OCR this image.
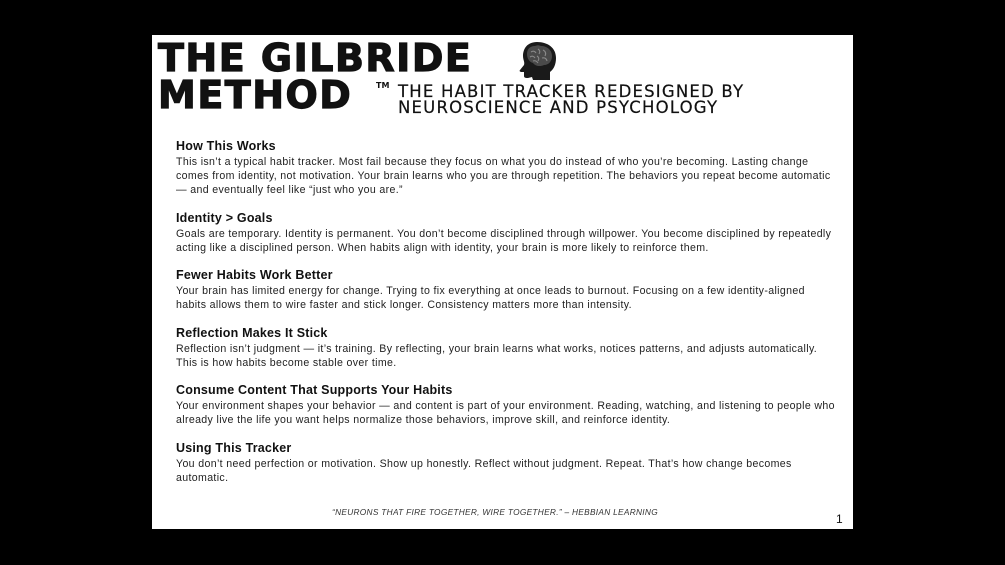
THE GILBRIDE
METHOD	TM THE HABIT TRACKER REDESIGNED BY
NEUROSCIENCE AND PSYCHOLOGY
How This Works

This isn’t a typical habit tracker. Most fail because they focus on what you do instead of who you’re becoming. Lasting change comes from identity, not motivation. Your brain learns who you are through repetition. The behaviors you repeat become automatic — and eventually feel like “just who you are.”

Identity > Goals

Goals are temporary. Identity is permanent. You don’t become disciplined through willpower. You become disciplined by repeatedly acting like a disciplined person. When habits align with identity, your brain is more likely to reinforce them.

Fewer Habits Work Better

Your brain has limited energy for change. Trying to fix everything at once leads to burnout. Focusing on a few identity-aligned habits allows them to wire faster and stick longer. Consistency matters more than intensity.

Reflection Makes It Stick

Reflection isn’t judgment — it’s training. By reflecting, your brain learns what works, notices patterns, and adjusts automatically. This is how habits become stable over time.

Consume Content That Supports Your Habits

Your environment shapes your behavior — and content is part of your environment. Reading, watching, and listening to people who already live the life you want helps normalize those behaviors, improve skill, and reinforce identity.

Using This Tracker

You don’t need perfection or motivation. Show up honestly. Reflect without judgment. Repeat. That’s how change becomes automatic.

“NEURONS THAT FIRE TOGETHER, WIRE TOGETHER.” – HEBBIAN LEARNING	1
